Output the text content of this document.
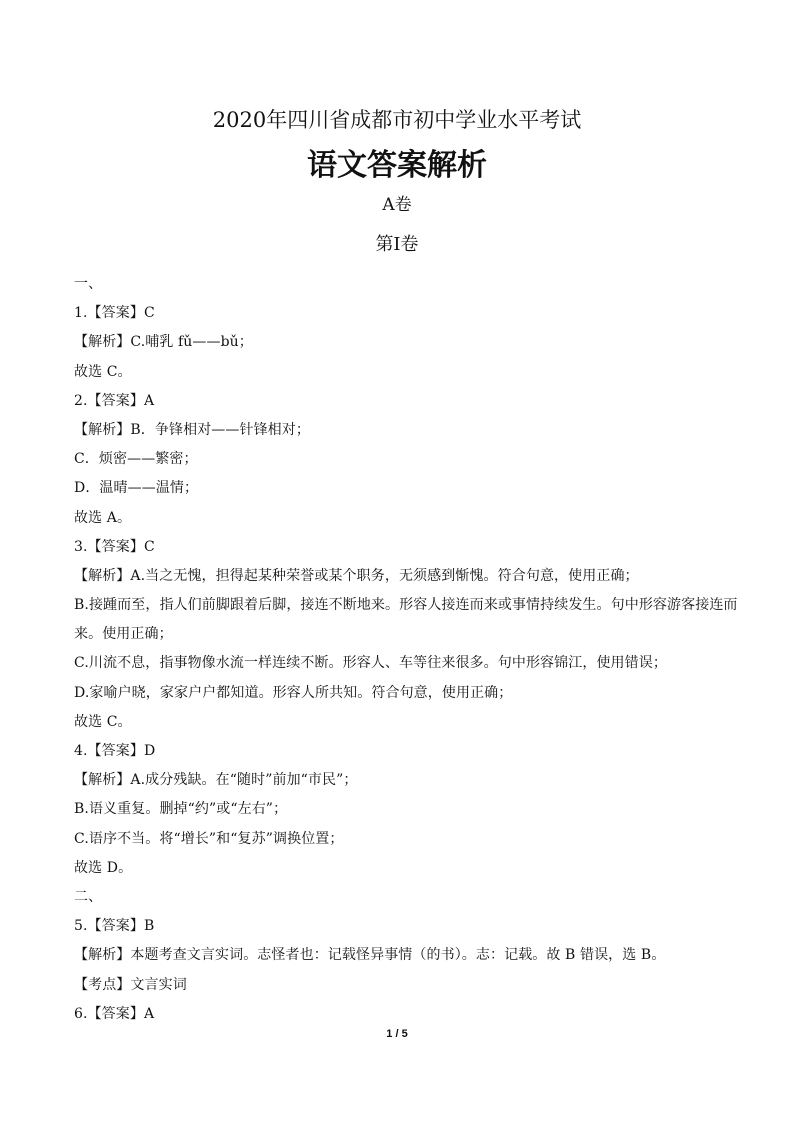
2020年四川省成都市初中学业水平考试
语文答案解析
A卷
第Ⅰ卷
一、
1.【答案】C
【解析】C.哺乳 fǔ——bǔ；
故选 C。
2.【答案】A
【解析】B．争锋相对——针锋相对；
C．烦密——繁密；
D．温晴——温情；
故选 A。
3.【答案】C
【解析】A.当之无愧，担得起某种荣誉或某个职务，无须感到惭愧。符合句意，使用正确；
B.接踵而至，指人们前脚跟着后脚，接连不断地来。形容人接连而来或事情持续发生。句中形容游客接连而
来。使用正确；
C.川流不息，指事物像水流一样连续不断。形容人、车等往来很多。句中形容锦江，使用错误；
D.家喻户晓，家家户户都知道。形容人所共知。符合句意，使用正确；
故选 C。
4.【答案】D
【解析】A.成分残缺。在“随时”前加“市民”；
B.语义重复。删掉“约”或“左右”；
C.语序不当。将“增长”和“复苏”调换位置；
故选 D。
二、
5.【答案】B
【解析】本题考查文言实词。志怪者也：记载怪异事情（的书）。志：记载。故 B 错误，选 B。
【考点】文言实词
6.【答案】A
1 / 5
